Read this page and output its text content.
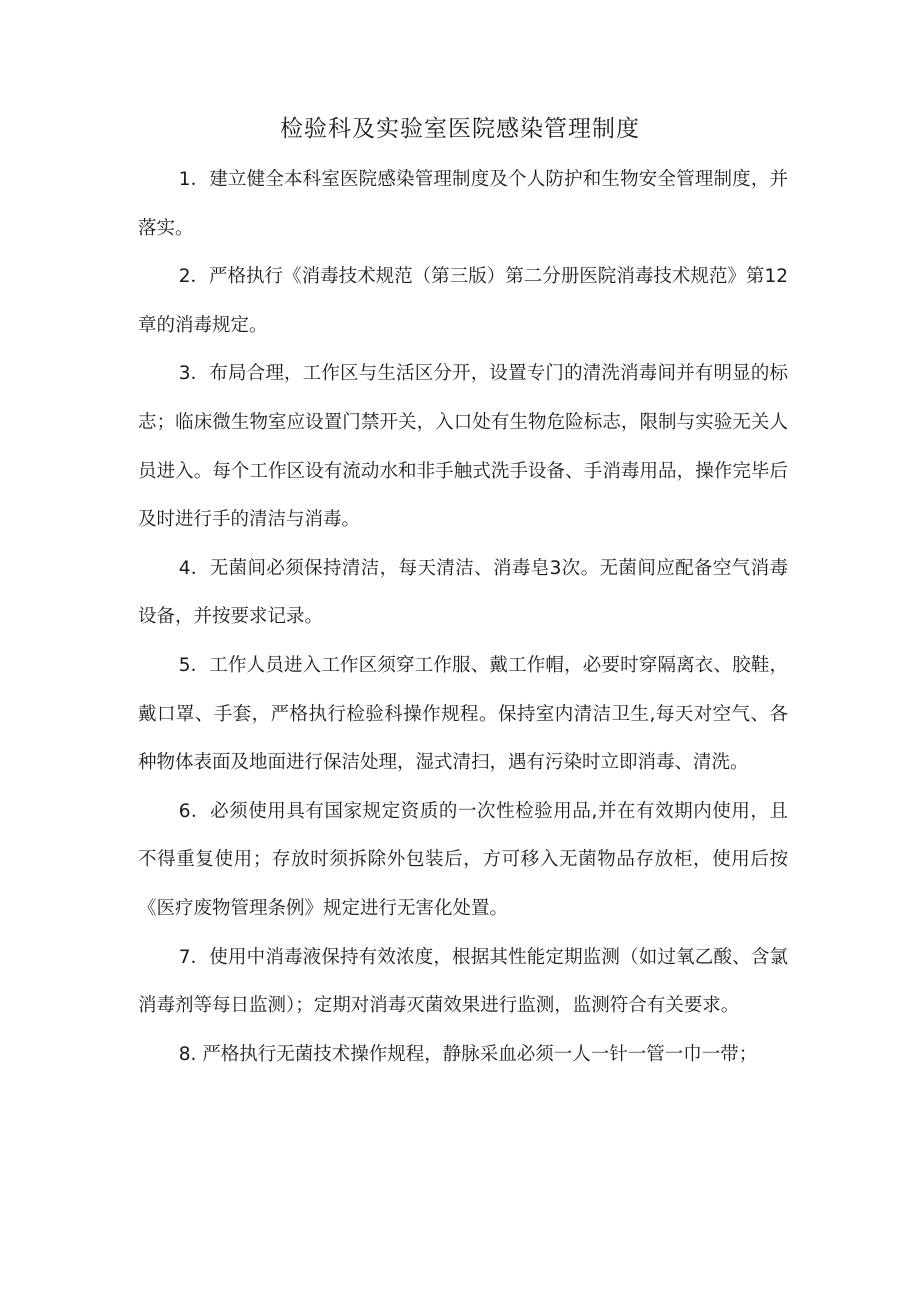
检验科及实验室医院感染管理制度

1．建立健全本科室医院感染管理制度及个人防护和生物安全管理制度，并落实。

2．严格执行《消毒技术规范（第三版）第二分册医院消毒技术规范》第12章的消毒规定。

3．布局合理，工作区与生活区分开，设置专门的清洗消毒间并有明显的标志；临床微生物室应设置门禁开关，入口处有生物危险标志，限制与实验无关人员进入。每个工作区设有流动水和非手触式洗手设备、手消毒用品，操作完毕后及时进行手的清洁与消毒。

4．无菌间必须保持清洁，每天清洁、消毒皂3次。无菌间应配备空气消毒设备，并按要求记录。

5．工作人员进入工作区须穿工作服、戴工作帽，必要时穿隔离衣、胶鞋，戴口罩、手套，严格执行检验科操作规程。保持室内清洁卫生,每天对空气、各种物体表面及地面进行保洁处理，湿式清扫，遇有污染时立即消毒、清洗。

6．必须使用具有国家规定资质的一次性检验用品,并在有效期内使用，且不得重复使用；存放时须拆除外包装后，方可移入无菌物品存放柜，使用后按《医疗废物管理条例》规定进行无害化处置。

7．使用中消毒液保持有效浓度，根据其性能定期监测（如过氧乙酸、含氯消毒剂等每日监测）；定期对消毒灭菌效果进行监测，监测符合有关要求。

8. 严格执行无菌技术操作规程，静脉采血必须一人一针一管一巾一带；
